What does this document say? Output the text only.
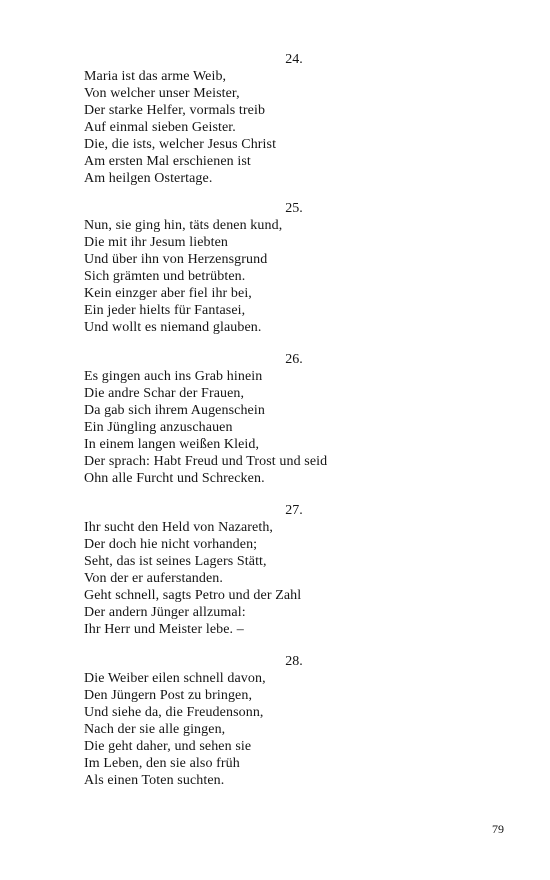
24.
Maria ist das arme Weib,
Von welcher unser Meister,
Der starke Helfer, vormals treib
Auf einmal sieben Geister.
Die, die ists, welcher Jesus Christ
Am ersten Mal erschienen ist
Am heilgen Ostertage.
25.
Nun, sie ging hin, täts denen kund,
Die mit ihr Jesum liebten
Und über ihn von Herzensgrund
Sich grämten und betrübten.
Kein einzger aber fiel ihr bei,
Ein jeder hielts für Fantasei,
Und wollt es niemand glauben.
26.
Es gingen auch ins Grab hinein
Die andre Schar der Frauen,
Da gab sich ihrem Augenschein
Ein Jüngling anzuschauen
In einem langen weißen Kleid,
Der sprach: Habt Freud und Trost und seid
Ohn alle Furcht und Schrecken.
27.
Ihr sucht den Held von Nazareth,
Der doch hie nicht vorhanden;
Seht, das ist seines Lagers Stätt,
Von der er auferstanden.
Geht schnell, sagts Petro und der Zahl
Der andern Jünger allzumal:
Ihr Herr und Meister lebe. –
28.
Die Weiber eilen schnell davon,
Den Jüngern Post zu bringen,
Und siehe da, die Freudensonn,
Nach der sie alle gingen,
Die geht daher, und sehen sie
Im Leben, den sie also früh
Als einen Toten suchten.
79
